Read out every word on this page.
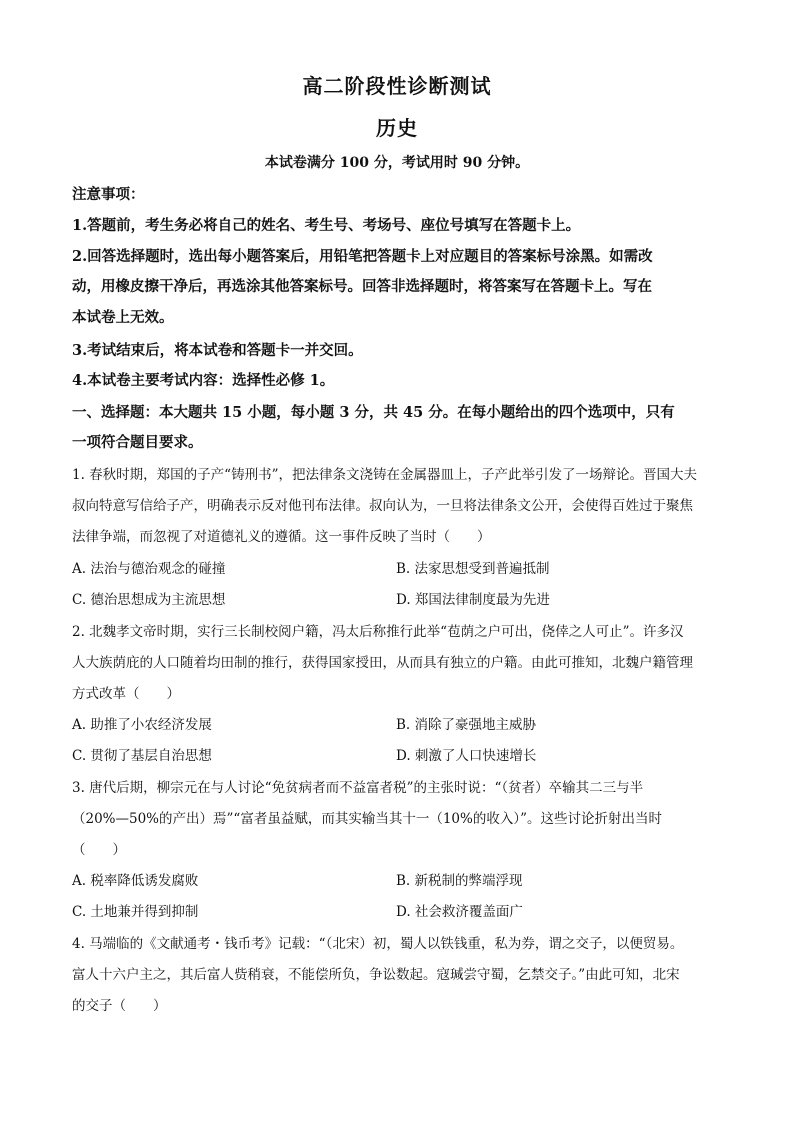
高二阶段性诊断测试
历史
本试卷满分 100 分，考试用时 90 分钟。
注意事项：
1.答题前，考生务必将自己的姓名、考生号、考场号、座位号填写在答题卡上。
2.回答选择题时，选出每小题答案后，用铅笔把答题卡上对应题目的答案标号涂黑。如需改
动，用橡皮擦干净后，再选涂其他答案标号。回答非选择题时，将答案写在答题卡上。写在
本试卷上无效。
3.考试结束后，将本试卷和答题卡一并交回。
4.本试卷主要考试内容：选择性必修 1。
一、选择题：本大题共 15 小题，每小题 3 分，共 45 分。在每小题给出的四个选项中，只有
一项符合题目要求。
1. 春秋时期，郑国的子产“铸刑书”，把法律条文浇铸在金属器皿上，子产此举引发了一场辩论。晋国大夫
叔向特意写信给子产，明确表示反对他刊布法律。叔向认为，一旦将法律条文公开，会使得百姓过于聚焦
法律争端，而忽视了对道德礼义的遵循。这一事件反映了当时（　　）
A. 法治与德治观念的碰撞	B. 法家思想受到普遍抵制
C. 德治思想成为主流思想	D. 郑国法律制度最为先进
2. 北魏孝文帝时期，实行三长制校阅户籍，冯太后称推行此举“苞荫之户可出，侥倖之人可止”。许多汉
人大族荫庇的人口随着均田制的推行，获得国家授田，从而具有独立的户籍。由此可推知，北魏户籍管理
方式改革（　　）
A. 助推了小农经济发展	B. 消除了豪强地主威胁
C. 贯彻了基层自治思想	D. 刺激了人口快速增长
3. 唐代后期，柳宗元在与人讨论“免贫病者而不益富者税”的主张时说：“（贫者）卒输其二三与半
（20%—50%的产出）焉”“富者虽益赋，而其实输当其十一（10%的收入）”。这些讨论折射出当时
（　　）
A. 税率降低诱发腐败	B. 新税制的弊端浮现
C. 土地兼并得到抑制	D. 社会救济覆盖面广
4. 马端临的《文献通考・钱币考》记载：“（北宋）初，蜀人以铁钱重，私为券，谓之交子，以便贸易。
富人十六户主之，其后富人赀稍衰，不能偿所负，争讼数起。寇瑊尝守蜀，乞禁交子。”由此可知，北宋
的交子（　　）
